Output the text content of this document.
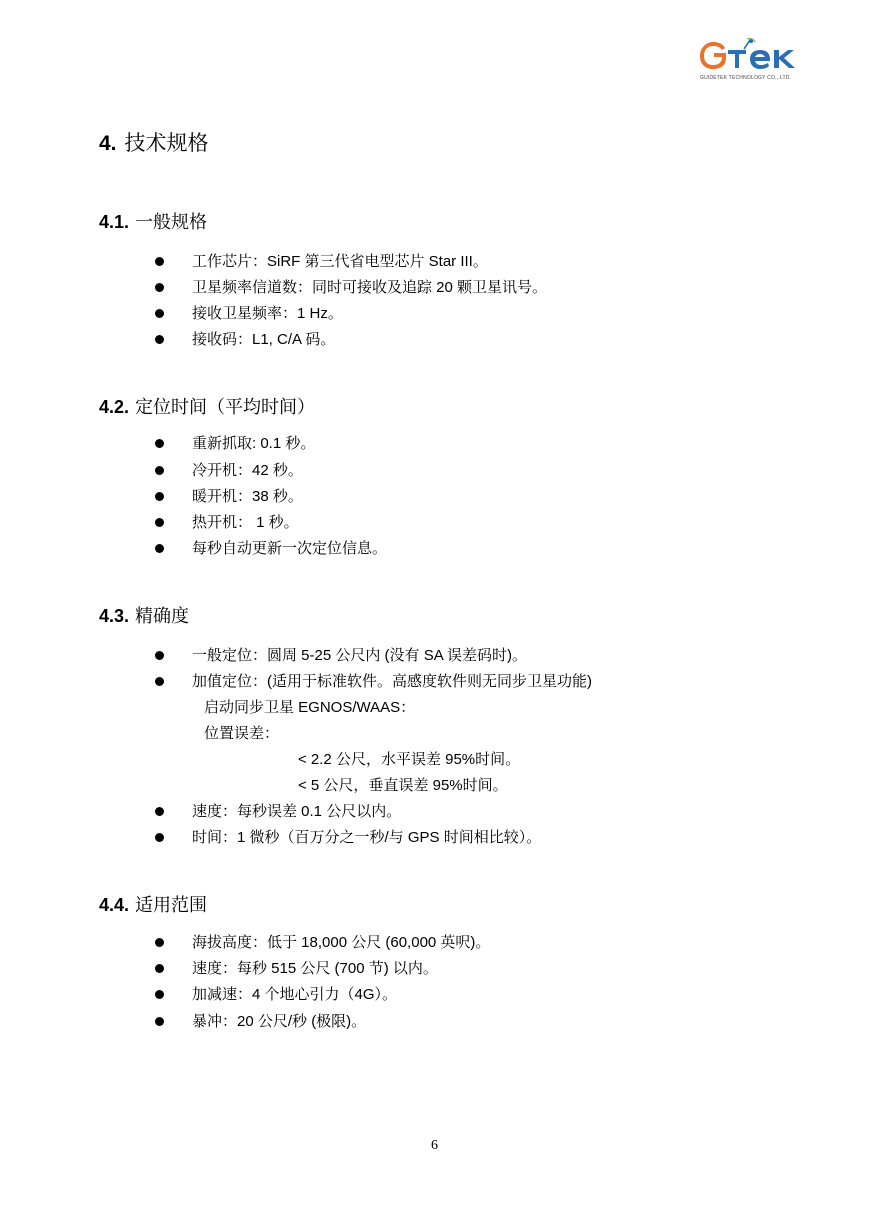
GUIDETEK TECHNOLOGY CO., LTD.
4. 技术规格
4.1. 一般规格
工作芯片：SiRF 第三代省电型芯片 Star III。
卫星频率信道数：同时可接收及追踪 20 颗卫星讯号。
接收卫星频率：1 Hz。
接收码：L1, C/A 码。
4.2. 定位时间（平均时间）
重新抓取: 0.1 秒。
冷开机：42 秒。
暖开机：38 秒。
热开机： 1 秒。
每秒自动更新一次定位信息。
4.3. 精确度
一般定位：圆周 5-25 公尺内 (没有 SA 误差码时)。
加值定位：(适用于标准软件。高感度软件则无同步卫星功能)
启动同步卫星 EGNOS/WAAS：
位置误差：
< 2.2 公尺，水平误差 95%时间。
< 5 公尺，垂直误差 95%时间。
速度：每秒误差 0.1 公尺以内。
时间：1 微秒（百万分之一秒/与 GPS 时间相比较）。
4.4. 适用范围
海拔高度：低于 18,000 公尺 (60,000 英呎)。
速度：每秒 515 公尺 (700 节) 以内。
加减速：4 个地心引力（4G）。
暴冲：20 公尺/秒 (极限)。
6
